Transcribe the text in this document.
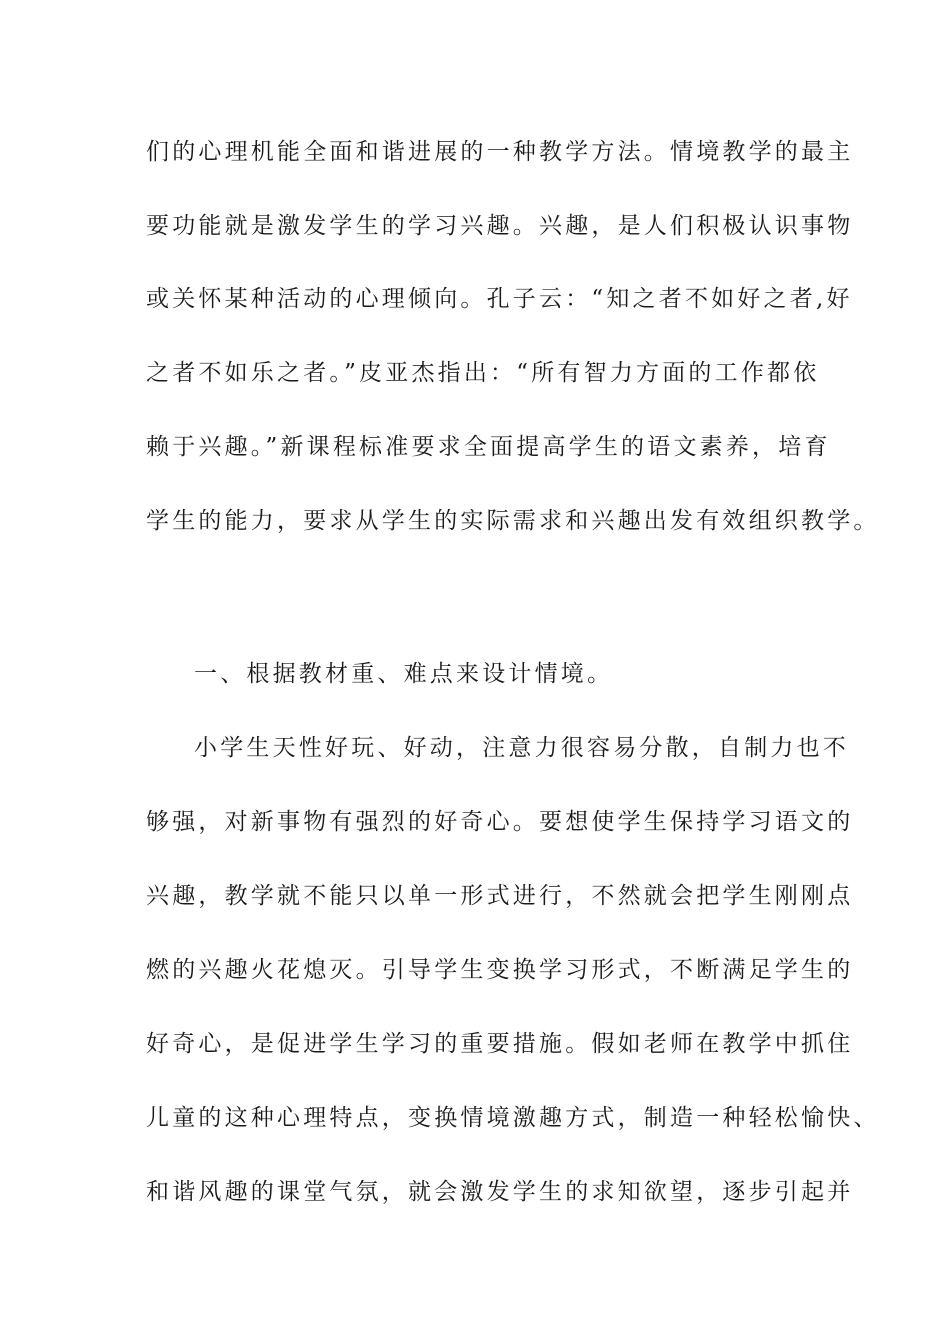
们的心理机能全面和谐进展的一种教学方法。情境教学的最主
要功能就是激发学生的学习兴趣。兴趣，是人们积极认识事物
或关怀某种活动的心理倾向。孔子云：“知之者不如好之者,好
之者不如乐之者。”皮亚杰指出：“所有智力方面的工作都依
赖于兴趣。”新课程标准要求全面提高学生的语文素养，培育
学生的能力，要求从学生的实际需求和兴趣出发有效组织教学。
一、根据教材重、难点来设计情境。
小学生天性好玩、好动，注意力很容易分散，自制力也不
够强，对新事物有强烈的好奇心。要想使学生保持学习语文的
兴趣，教学就不能只以单一形式进行，不然就会把学生刚刚点
燃的兴趣火花熄灭。引导学生变换学习形式，不断满足学生的
好奇心，是促进学生学习的重要措施。假如老师在教学中抓住
儿童的这种心理特点，变换情境激趣方式，制造一种轻松愉快、
和谐风趣的课堂气氛，就会激发学生的求知欲望，逐步引起并
